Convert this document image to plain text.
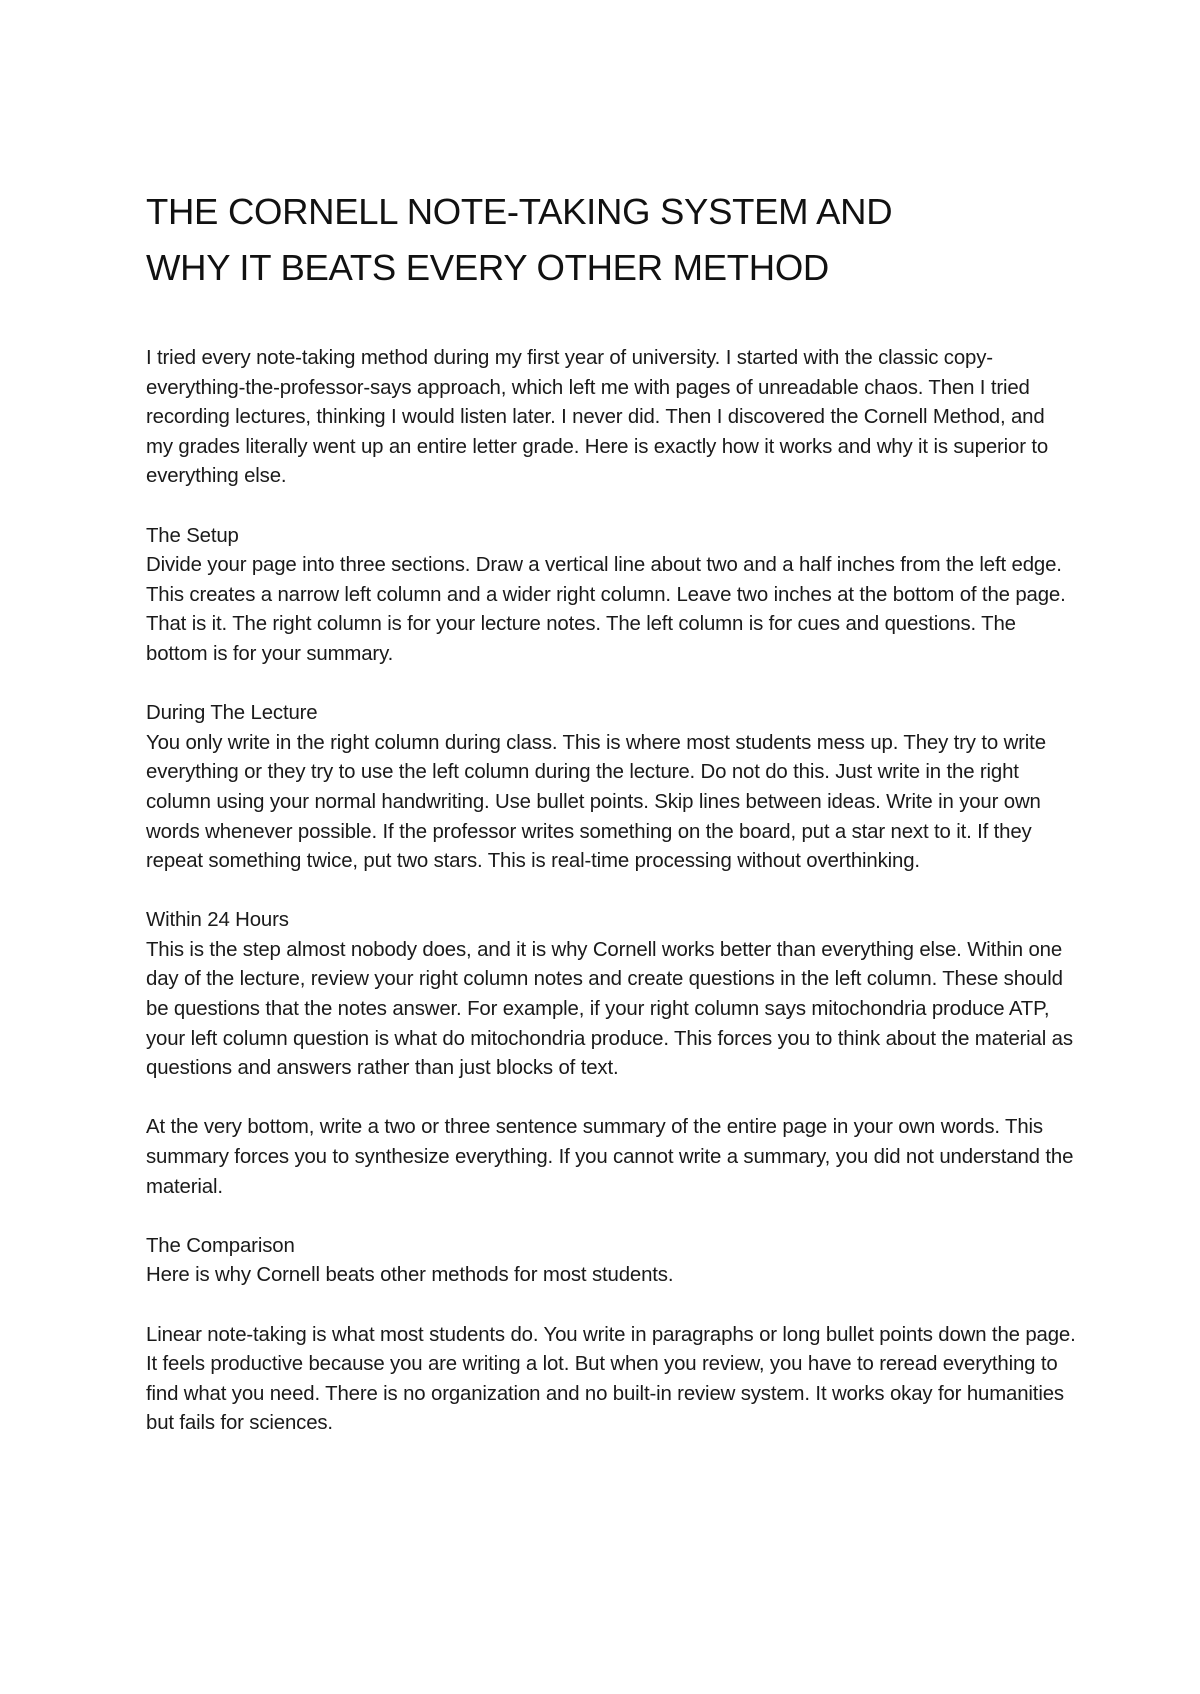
THE CORNELL NOTE-TAKING SYSTEM AND
WHY IT BEATS EVERY OTHER METHOD

I tried every note-taking method during my first year of university. I started with the classic copy-everything-the-professor-says approach, which left me with pages of unreadable chaos. Then I tried recording lectures, thinking I would listen later. I never did. Then I discovered the Cornell Method, and my grades literally went up an entire letter grade. Here is exactly how it works and why it is superior to everything else.

The Setup
Divide your page into three sections. Draw a vertical line about two and a half inches from the left edge. This creates a narrow left column and a wider right column. Leave two inches at the bottom of the page. That is it. The right column is for your lecture notes. The left column is for cues and questions. The bottom is for your summary.

During The Lecture
You only write in the right column during class. This is where most students mess up. They try to write everything or they try to use the left column during the lecture. Do not do this. Just write in the right column using your normal handwriting. Use bullet points. Skip lines between ideas. Write in your own words whenever possible. If the professor writes something on the board, put a star next to it. If they repeat something twice, put two stars. This is real-time processing without overthinking.

Within 24 Hours
This is the step almost nobody does, and it is why Cornell works better than everything else. Within one day of the lecture, review your right column notes and create questions in the left column. These should be questions that the notes answer. For example, if your right column says mitochondria produce ATP, your left column question is what do mitochondria produce. This forces you to think about the material as questions and answers rather than just blocks of text.

At the very bottom, write a two or three sentence summary of the entire page in your own words. This summary forces you to synthesize everything. If you cannot write a summary, you did not understand the material.

The Comparison
Here is why Cornell beats other methods for most students.

Linear note-taking is what most students do. You write in paragraphs or long bullet points down the page. It feels productive because you are writing a lot. But when you review, you have to reread everything to find what you need. There is no organization and no built-in review system. It works okay for humanities but fails for sciences.
